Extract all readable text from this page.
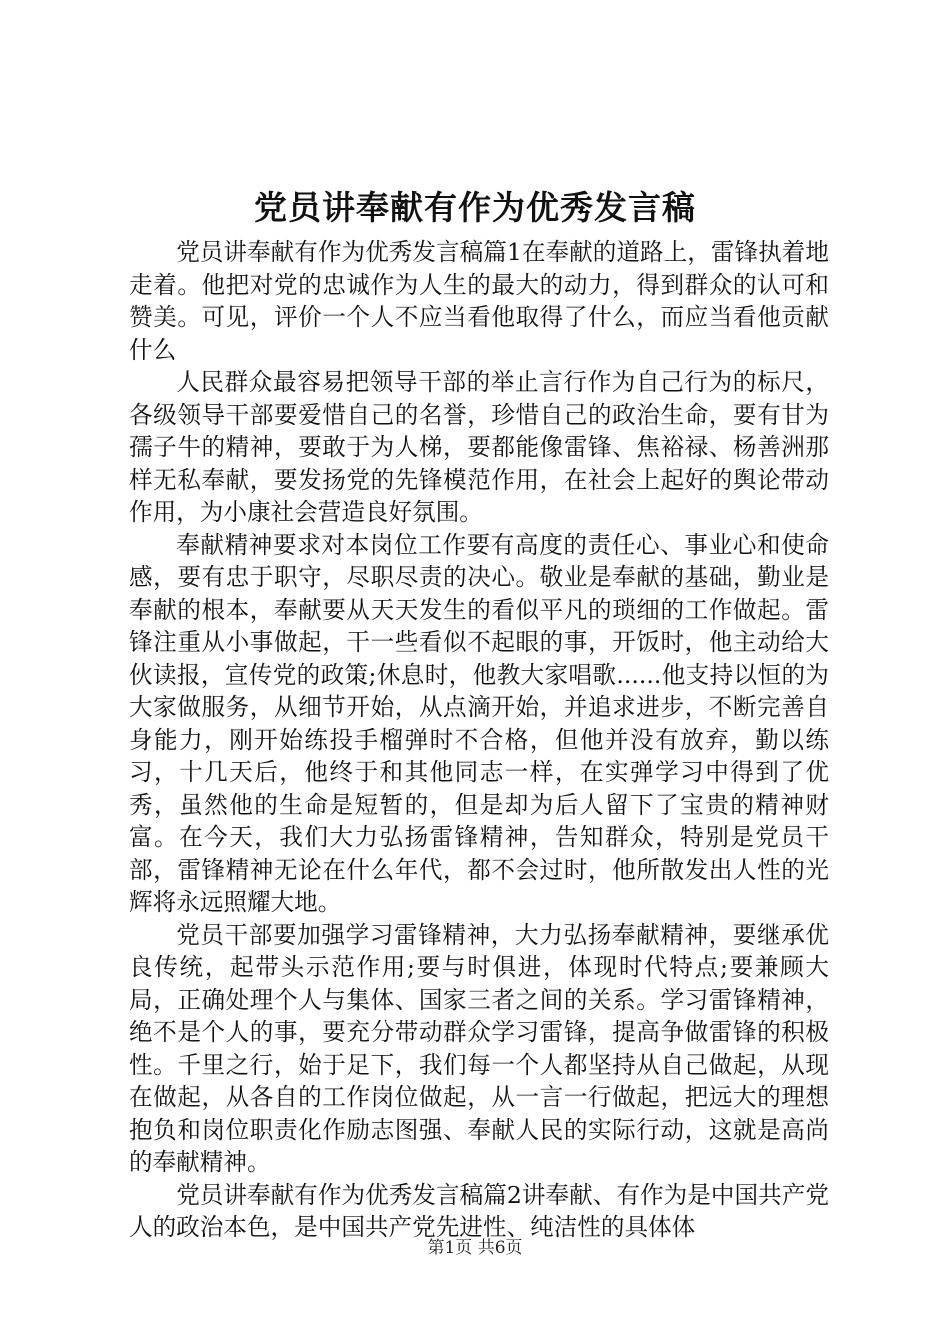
党员讲奉献有作为优秀发言稿

党员讲奉献有作为优秀发言稿篇1在奉献的道路上，雷锋执着地走着。他把对党的忠诚作为人生的最大的动力，得到群众的认可和赞美。可见，评价一个人不应当看他取得了什么，而应当看他贡献什么

人民群众最容易把领导干部的举止言行作为自己行为的标尺，各级领导干部要爱惜自己的名誉，珍惜自己的政治生命，要有甘为孺子牛的精神，要敢于为人梯，要都能像雷锋、焦裕禄、杨善洲那样无私奉献，要发扬党的先锋模范作用，在社会上起好的舆论带动作用，为小康社会营造良好氛围。

奉献精神要求对本岗位工作要有高度的责任心、事业心和使命感，要有忠于职守，尽职尽责的决心。敬业是奉献的基础，勤业是奉献的根本，奉献要从天天发生的看似平凡的琐细的工作做起。雷锋注重从小事做起，干一些看似不起眼的事，开饭时，他主动给大伙读报，宣传党的政策;休息时，他教大家唱歌......他支持以恒的为大家做服务，从细节开始，从点滴开始，并追求进步，不断完善自身能力，刚开始练投手榴弹时不合格，但他并没有放弃，勤以练习，十几天后，他终于和其他同志一样，在实弹学习中得到了优秀，虽然他的生命是短暂的，但是却为后人留下了宝贵的精神财富。在今天，我们大力弘扬雷锋精神，告知群众，特别是党员干部，雷锋精神无论在什么年代，都不会过时，他所散发出人性的光辉将永远照耀大地。

党员干部要加强学习雷锋精神，大力弘扬奉献精神，要继承优良传统，起带头示范作用;要与时俱进，体现时代特点;要兼顾大局，正确处理个人与集体、国家三者之间的关系。学习雷锋精神，绝不是个人的事，要充分带动群众学习雷锋，提高争做雷锋的积极性。千里之行，始于足下，我们每一个人都坚持从自己做起，从现在做起，从各自的工作岗位做起，从一言一行做起，把远大的理想抱负和岗位职责化作励志图强、奉献人民的实际行动，这就是高尚的奉献精神。

党员讲奉献有作为优秀发言稿篇2讲奉献、有作为是中国共产党人的政治本色，是中国共产党先进性、纯洁性的具体体

第1页 共6页
